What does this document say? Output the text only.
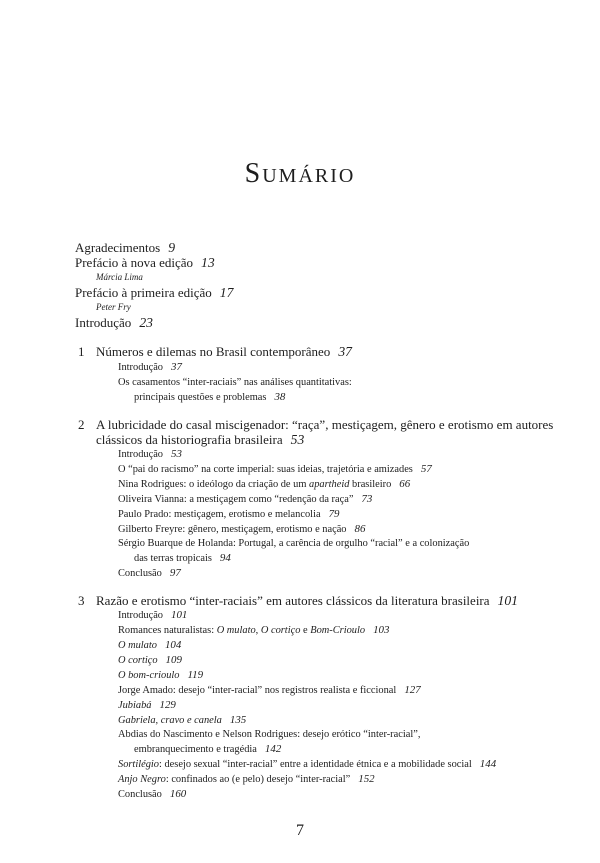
Sumário
Agradecimentos 9
Prefácio à nova edição 13
Márcia Lima
Prefácio à primeira edição 17
Peter Fry
Introdução 23
1 Números e dilemas no Brasil contemporâneo 37
Introdução 37
Os casamentos “inter-raciais” nas análises quantitativas:
principais questões e problemas 38
2 A lubricidade do casal miscigenador: “raça”, mestiçagem, gênero e erotismo em autores
clássicos da historiografia brasileira 53
Introdução 53
O “pai do racismo” na corte imperial: suas ideias, trajetória e amizades 57
Nina Rodrigues: o ideólogo da criação de um apartheid brasileiro 66
Oliveira Vianna: a mestiçagem como “redenção da raça” 73
Paulo Prado: mestiçagem, erotismo e melancolia 79
Gilberto Freyre: gênero, mestiçagem, erotismo e nação 86
Sérgio Buarque de Holanda: Portugal, a carência de orgulho “racial” e a colonização
das terras tropicais 94
Conclusão 97
3 Razão e erotismo “inter-raciais” em autores clássicos da literatura brasileira 101
Introdução 101
Romances naturalistas: O mulato, O cortiço e Bom-Crioulo 103
O mulato 104
O cortiço 109
O bom-crioulo 119
Jorge Amado: desejo “inter-racial” nos registros realista e ficcional 127
Jubiabá 129
Gabriela, cravo e canela 135
Abdias do Nascimento e Nelson Rodrigues: desejo erótico “inter-racial”,
embranquecimento e tragédia 142
Sortilégio: desejo sexual “inter-racial” entre a identidade étnica e a mobilidade social 144
Anjo Negro: confinados ao (e pelo) desejo “inter-racial” 152
Conclusão 160
7
